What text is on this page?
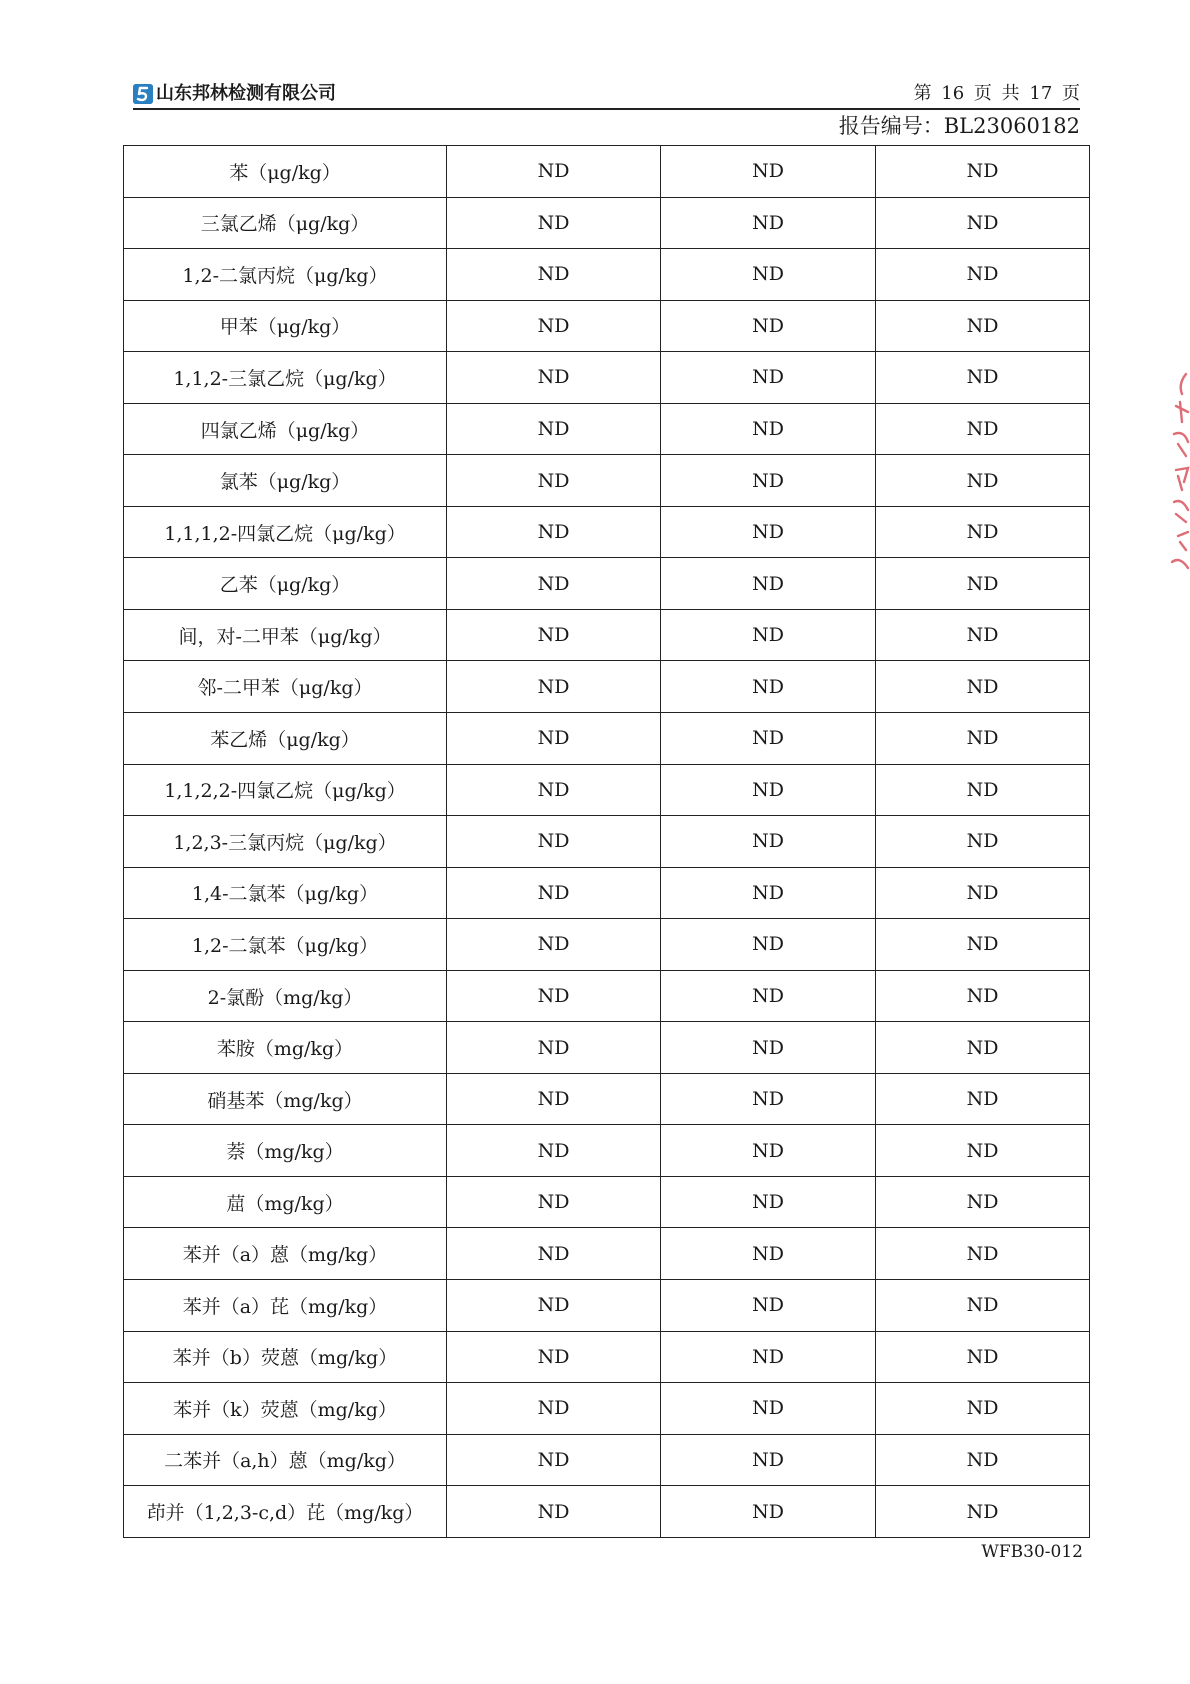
山东邦林检测有限公司	第 16 页 共 17 页
报告编号：BL23060182
苯（μg/kg）	ND	ND	ND
三氯乙烯（μg/kg）	ND	ND	ND
1,2-二氯丙烷（μg/kg）	ND	ND	ND
甲苯（μg/kg）	ND	ND	ND
1,1,2-三氯乙烷（μg/kg）	ND	ND	ND
四氯乙烯（μg/kg）	ND	ND	ND
氯苯（μg/kg）	ND	ND	ND
1,1,1,2-四氯乙烷（μg/kg）	ND	ND	ND
乙苯（μg/kg）	ND	ND	ND
间，对-二甲苯（μg/kg）	ND	ND	ND
邻-二甲苯（μg/kg）	ND	ND	ND
苯乙烯（μg/kg）	ND	ND	ND
1,1,2,2-四氯乙烷（μg/kg）	ND	ND	ND
1,2,3-三氯丙烷（μg/kg）	ND	ND	ND
1,4-二氯苯（μg/kg）	ND	ND	ND
1,2-二氯苯（μg/kg）	ND	ND	ND
2-氯酚（mg/kg）	ND	ND	ND
苯胺（mg/kg）	ND	ND	ND
硝基苯（mg/kg）	ND	ND	ND
萘（mg/kg）	ND	ND	ND
䓛（mg/kg）	ND	ND	ND
苯并（a）蒽（mg/kg）	ND	ND	ND
苯并（a）芘（mg/kg）	ND	ND	ND
苯并（b）荧蒽（mg/kg）	ND	ND	ND
苯并（k）荧蒽（mg/kg）	ND	ND	ND
二苯并（a,h）蒽（mg/kg）	ND	ND	ND
茚并（1,2,3-c,d）芘（mg/kg）	ND	ND	ND
WFB30-012
